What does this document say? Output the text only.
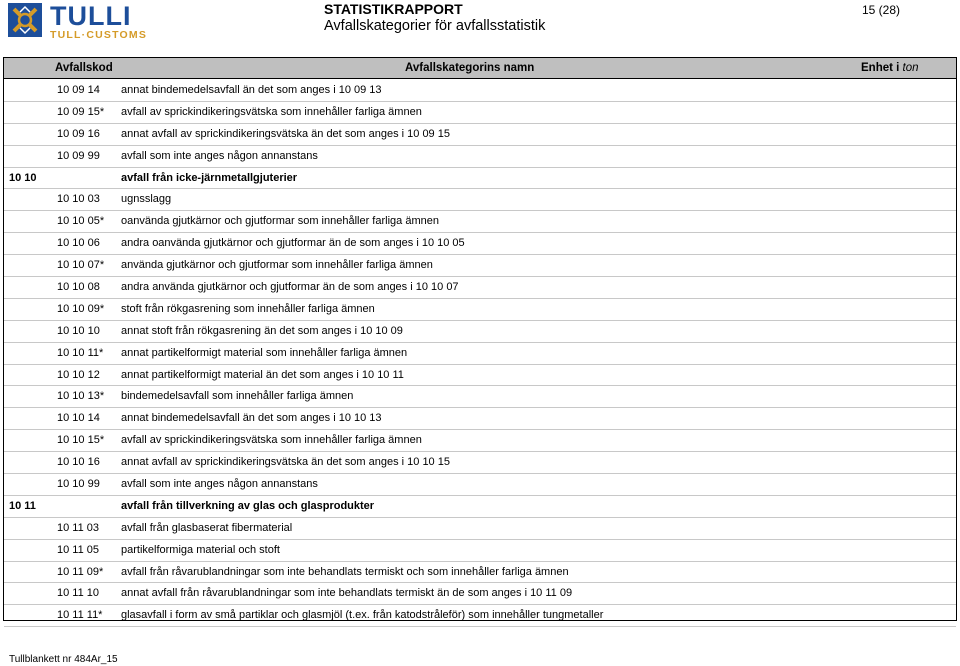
TULLI
TULL·CUSTOMS
STATISTIKRAPPORT
Avfallskategorier för avfallsstatistik
15 (28)
Avfallskod	Avfallskategorins namn	Enhet i ton
10 09 14 annat bindemedelsavfall än det som anges i 10 09 13
10 09 15* avfall av sprickindikeringsvätska som innehåller farliga ämnen
10 09 16 annat avfall av sprickindikeringsvätska än det som anges i 10 09 15
10 09 99 avfall som inte anges någon annanstans
10 10	avfall från icke-järnmetallgjuterier
10 10 03 ugnsslagg
10 10 05* oanvända gjutkärnor och gjutformar som innehåller farliga ämnen
10 10 06 andra oanvända gjutkärnor och gjutformar än de som anges i 10 10 05
10 10 07* använda gjutkärnor och gjutformar som innehåller farliga ämnen
10 10 08 andra använda gjutkärnor och gjutformar än de som anges i 10 10 07
10 10 09* stoft från rökgasrening som innehåller farliga ämnen
10 10 10 annat stoft från rökgasrening än det som anges i 10 10 09
10 10 11* annat partikelformigt material som innehåller farliga ämnen
10 10 12 annat partikelformigt material än det som anges i 10 10 11
10 10 13* bindemedelsavfall som innehåller farliga ämnen
10 10 14 annat bindemedelsavfall än det som anges i 10 10 13
10 10 15* avfall av sprickindikeringsvätska som innehåller farliga ämnen
10 10 16 annat avfall av sprickindikeringsvätska än det som anges i 10 10 15
10 10 99 avfall som inte anges någon annanstans
10 11	avfall från tillverkning av glas och glasprodukter
10 11 03 avfall från glasbaserat fibermaterial
10 11 05 partikelformiga material och stoft
10 11 09* avfall från råvarublandningar som inte behandlats termiskt och som innehåller farliga ämnen
10 11 10 annat avfall från råvarublandningar som inte behandlats termiskt än de som anges i 10 11 09
10 11 11* glasavfall i form av små partiklar och glasmjöl (t.ex. från katodstråleför) som innehåller tungmetaller
Tullblankett nr 484Ar_15
